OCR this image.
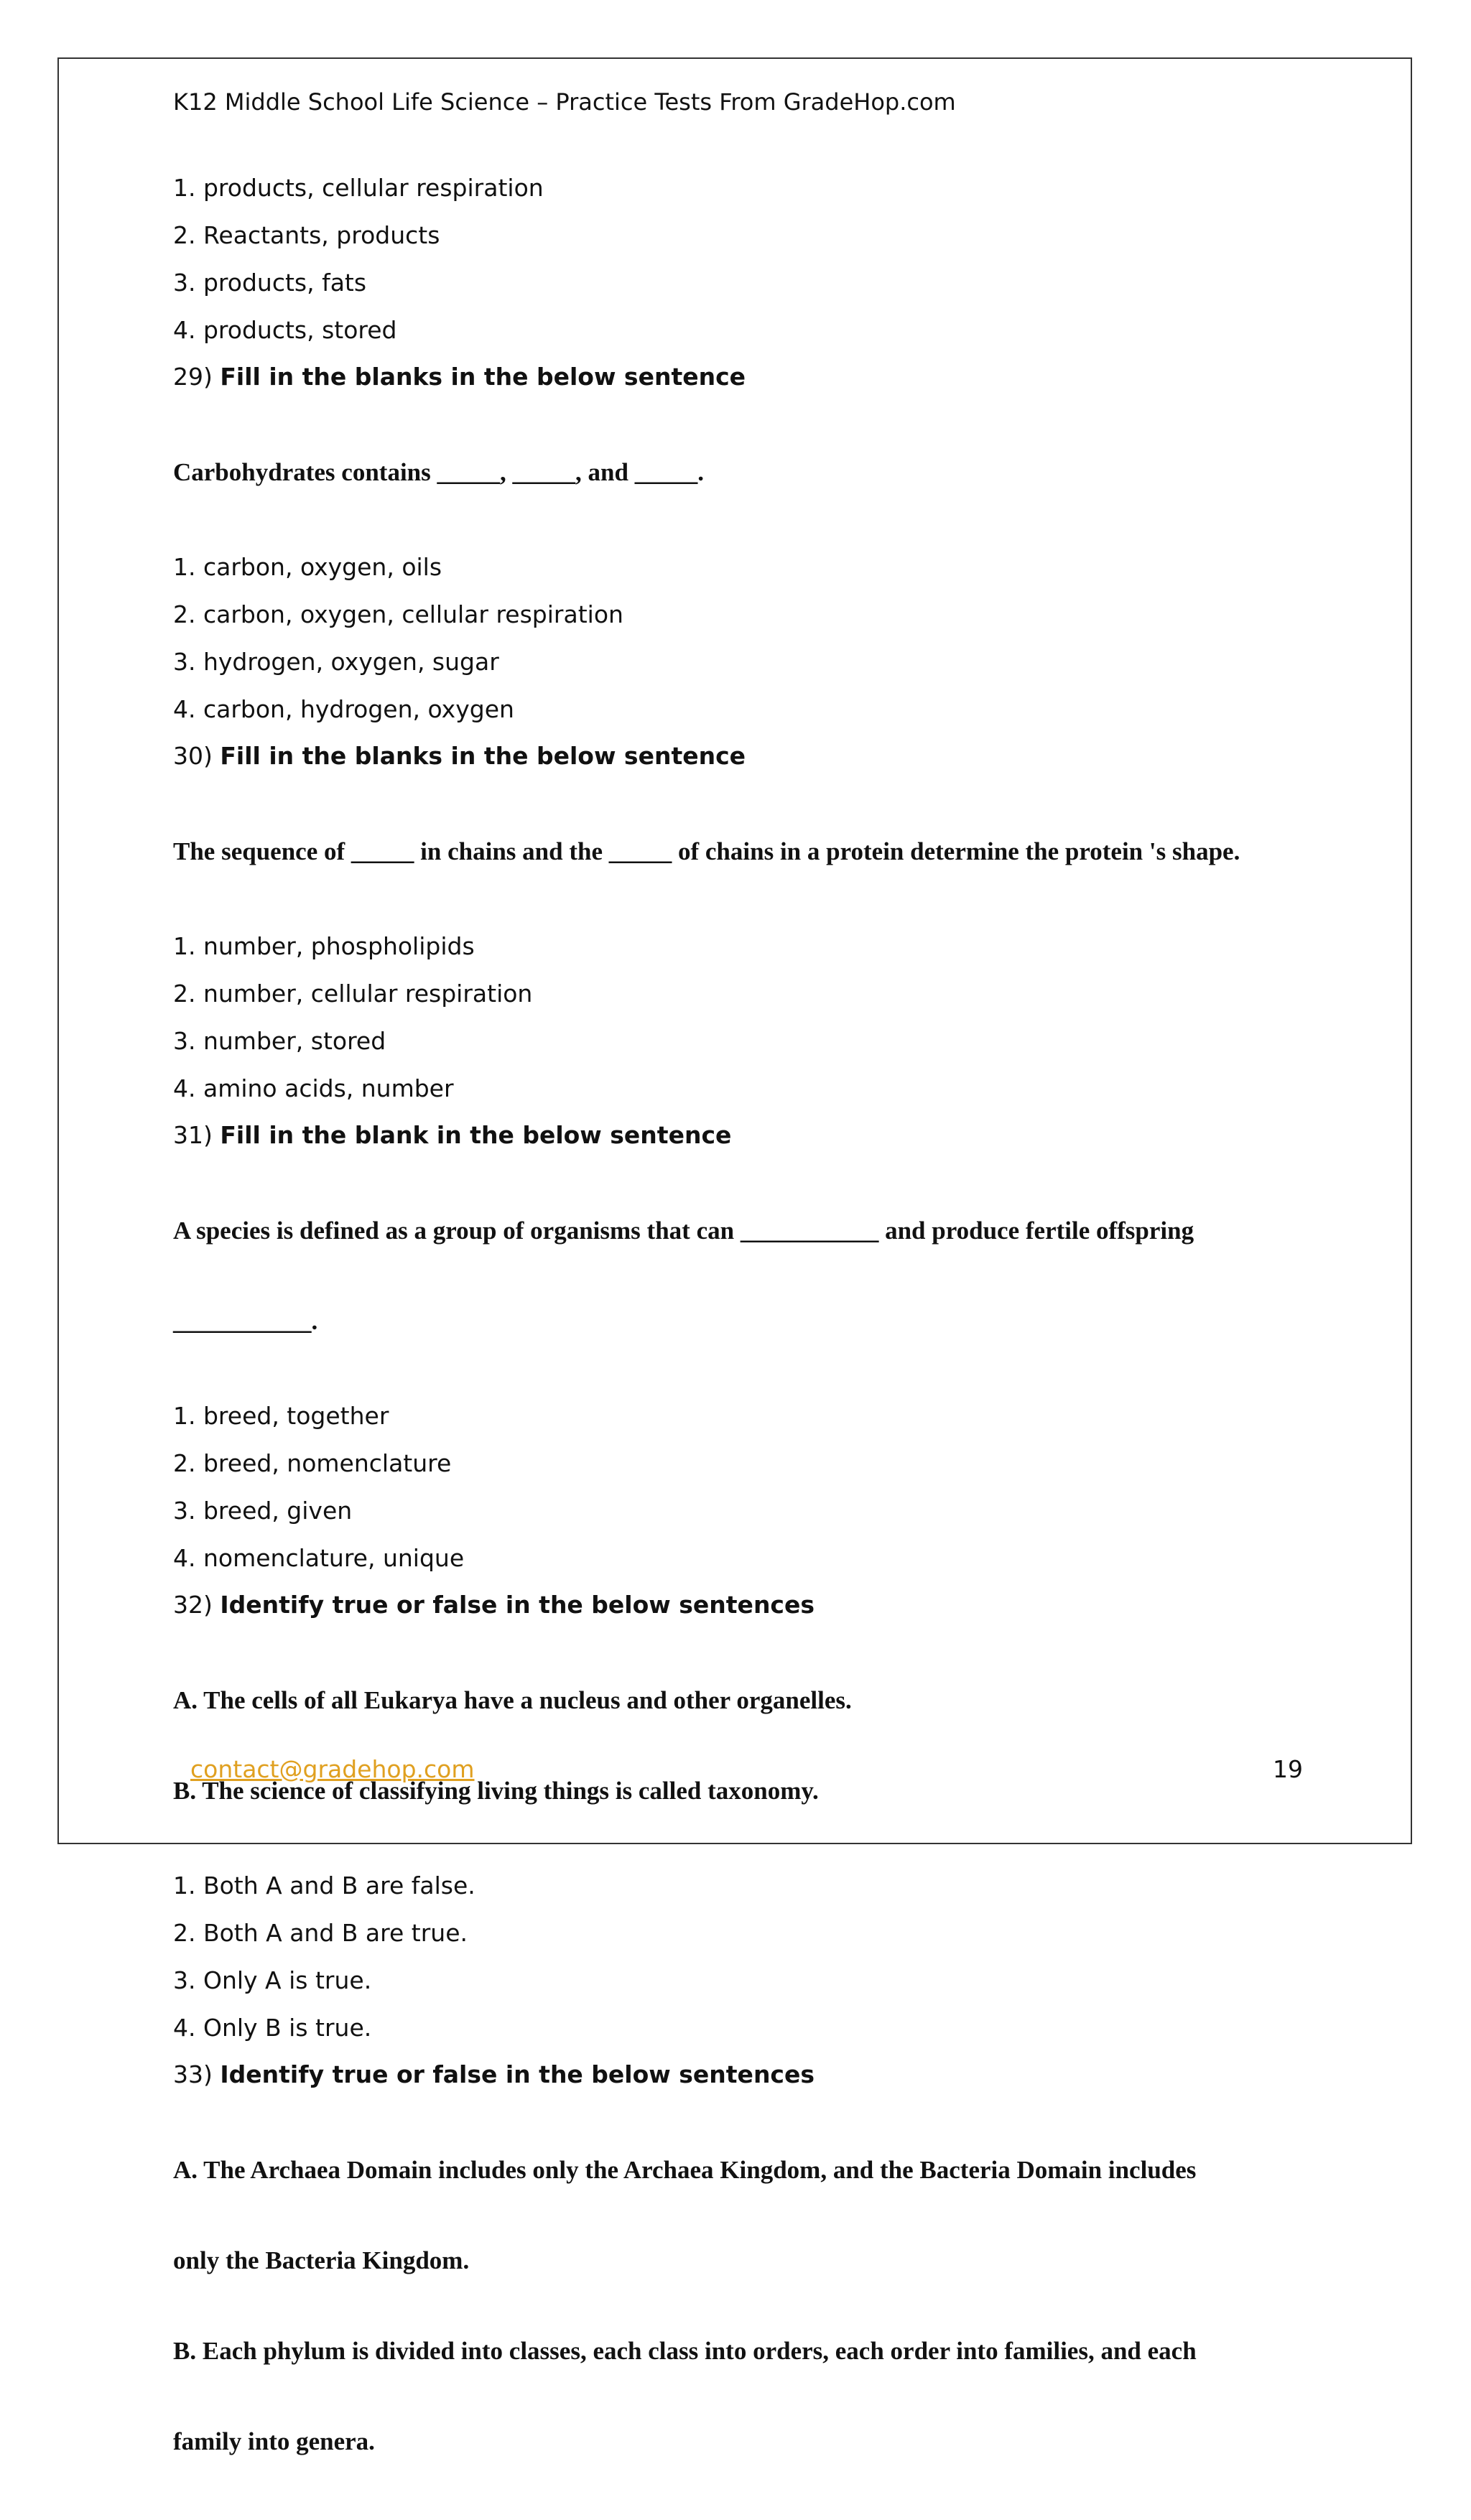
K12 Middle School Life Science – Practice Tests From GradeHop.com
1. products, cellular respiration
2. Reactants, products
3. products, fats
4. products, stored
29) Fill in the blanks in the below sentence

Carbohydrates contains _____, _____, and _____.

1. carbon, oxygen, oils
2. carbon, oxygen, cellular respiration
3. hydrogen, oxygen, sugar
4. carbon, hydrogen, oxygen
30) Fill in the blanks in the below sentence

The sequence of _____ in chains and the _____ of chains in a protein determine the protein 's shape.

1. number, phospholipids
2. number, cellular respiration
3. number, stored
4. amino acids, number
31) Fill in the blank in the below sentence

A species is defined as a group of organisms that can ___________ and produce fertile offspring

___________.

1. breed, together
2. breed, nomenclature
3. breed, given
4. nomenclature, unique
32) Identify true or false in the below sentences

A. The cells of all Eukarya have a nucleus and other organelles.

B. The science of classifying living things is called taxonomy.

1. Both A and B are false.
2. Both A and B are true.
3. Only A is true.
4. Only B is true.
33) Identify true or false in the below sentences

A. The Archaea Domain includes only the Archaea Kingdom, and the Bacteria Domain includes

only the Bacteria Kingdom.

B. Each phylum is divided into classes, each class into orders, each order into families, and each

family into genera.

contact@gradehop.com	19
